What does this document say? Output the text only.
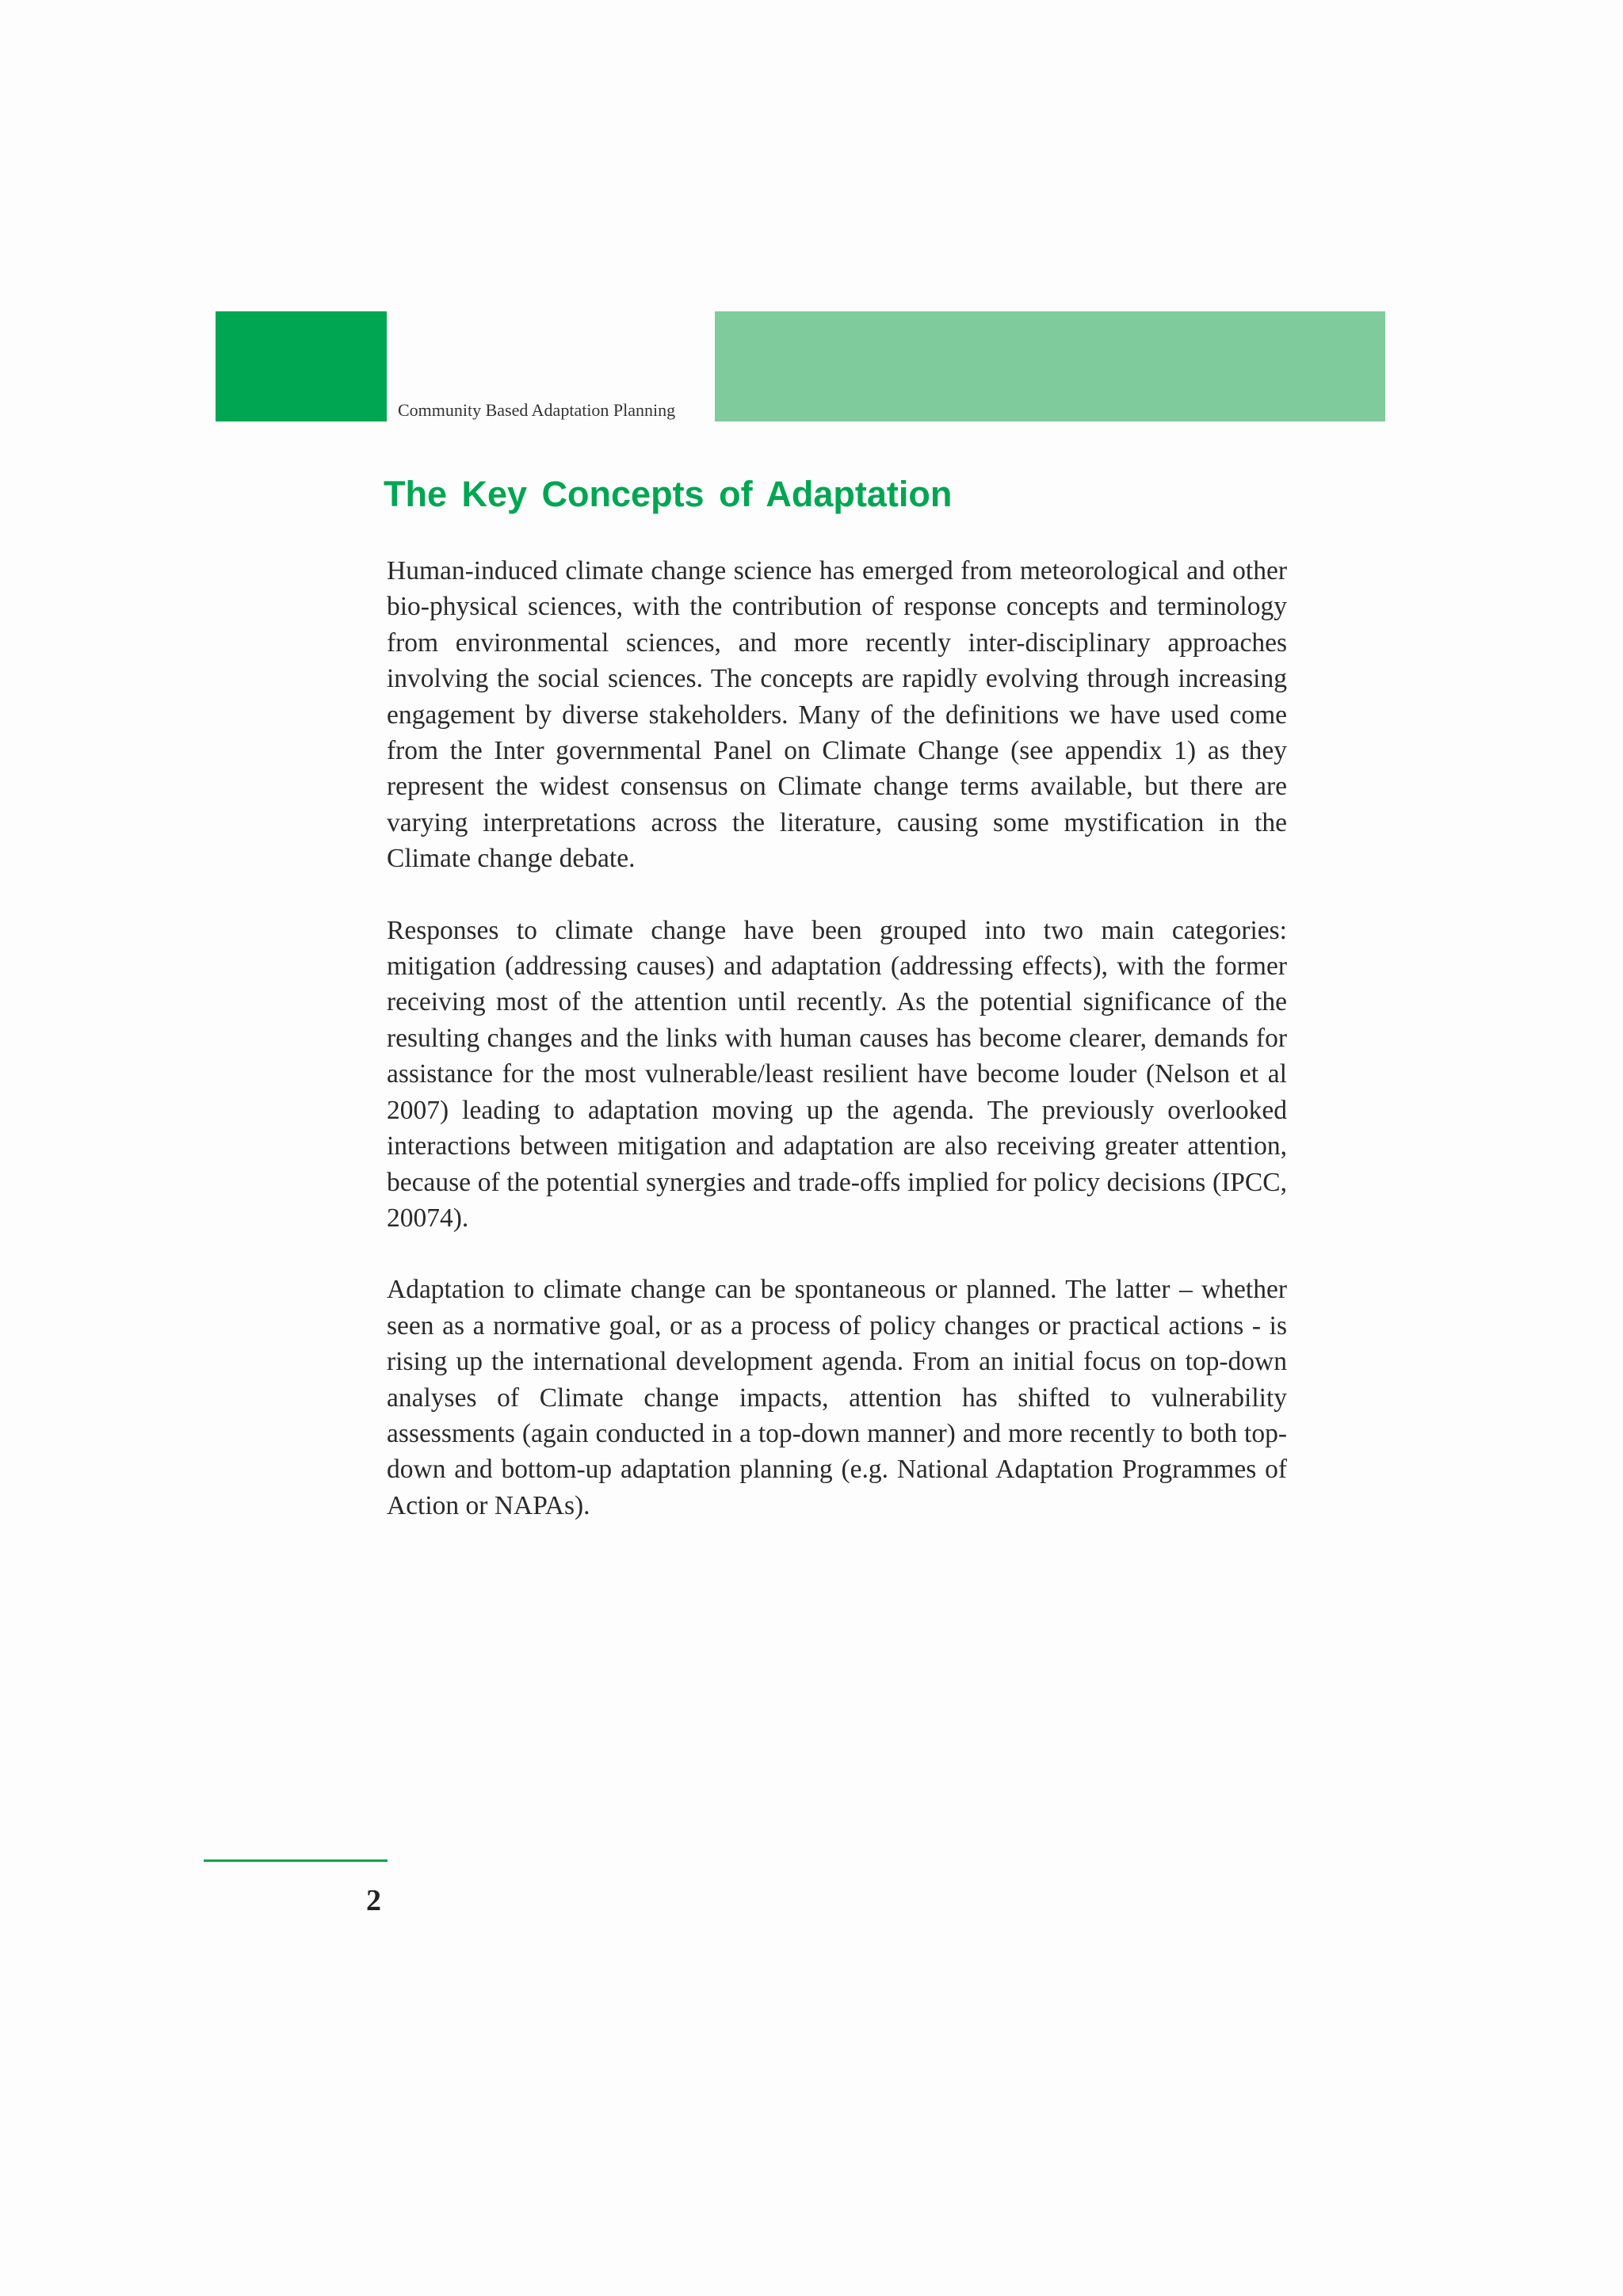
Community Based Adaptation Planning
The Key Concepts of Adaptation

Human-induced climate change science has emerged from meteorological and other bio-physical sciences, with the contribution of response concepts and terminology from environmental sciences, and more recently inter-disciplinary approaches involving the social sciences. The concepts are rapidly evolving through increasing engagement by diverse stakeholders. Many of the definitions we have used come from the Inter governmental Panel on Climate Change (see appendix 1) as they represent the widest consensus on Climate change terms available, but there are varying interpretations across the literature, causing some mystification in the Climate change debate.

Responses to climate change have been grouped into two main categories: mitigation (addressing causes) and adaptation (addressing effects), with the former receiving most of the attention until recently. As the potential significance of the resulting changes and the links with human causes has become clearer, demands for assistance for the most vulnerable/least resilient have become louder (Nelson et al 2007) leading to adaptation moving up the agenda. The previously overlooked interactions between mitigation and adaptation are also receiving greater attention, because of the potential synergies and trade-offs implied for policy decisions (IPCC, 20074).

Adaptation to climate change can be spontaneous or planned. The latter – whether seen as a normative goal, or as a process of policy changes or practical actions - is rising up the international development agenda. From an initial focus on top-down analyses of Climate change impacts, attention has shifted to vulnerability assessments (again conducted in a top-down manner) and more recently to both top-down and bottom-up adaptation planning (e.g. National Adaptation Programmes of Action or NAPAs).

2
